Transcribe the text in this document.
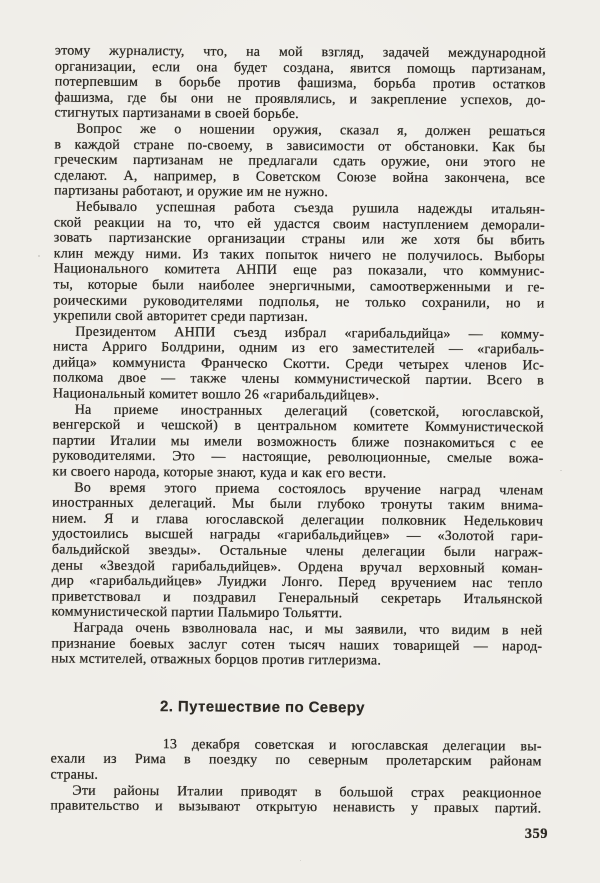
этому журналисту, что, на мой взгляд, задачей международной
организации, если она будет создана, явится помощь партизанам,
потерпевшим в борьбе против фашизма, борьба против остатков
фашизма, где бы они не проявлялись, и закрепление успехов, до-
стигнутых партизанами в своей борьбе.
Вопрос же о ношении оружия, сказал я, должен решаться
в каждой стране по-своему, в зависимости от обстановки. Как бы
греческим партизанам не предлагали сдать оружие, они этого не
сделают. А, например, в Советском Союзе война закончена, все
партизаны работают, и оружие им не нужно.
Небывало успешная работа съезда рушила надежды итальян-
ской реакции на то, что ей удастся своим наступлением деморали-
зовать партизанские организации страны или же хотя бы вбить
клин между ними. Из таких попыток ничего не получилось. Выборы
Национального комитета АНПИ еще раз показали, что коммунис-
ты, которые были наиболее энергичными, самоотверженными и ге-
роическими руководителями подполья, не только сохранили, но и
укрепили свой авторитет среди партизан.
Президентом АНПИ съезд избрал «гарибальдийца» — комму-
ниста Арриго Болдрини, одним из его заместителей — «гарибаль-
дийца» коммуниста Франческо Скотти. Среди четырех членов Ис-
полкома двое — также члены коммунистической партии. Всего в
Национальный комитет вошло 26 «гарибальдийцев».
На приеме иностранных делегаций (советской, югославской,
венгерской и чешской) в центральном комитете Коммунистической
партии Италии мы имели возможность ближе познакомиться с ее
руководителями. Это — настоящие, революционные, смелые вожа-
ки своего народа, которые знают, куда и как его вести.
Во время этого приема состоялось вручение наград членам
иностранных делегаций. Мы были глубоко тронуты таким внима-
нием. Я и глава югославской делегации полковник Неделькович
удостоились высшей награды «гарибальдийцев» — «Золотой гари-
бальдийской звезды». Остальные члены делегации были награж-
дены «Звездой гарибальдийцев». Ордена вручал верховный коман-
дир «гарибальдийцев» Луиджи Лонго. Перед вручением нас тепло
приветствовал и поздравил Генеральный секретарь Итальянской
коммунистической партии Пальмиро Тольятти.
Награда очень взволновала нас, и мы заявили, что видим в ней
признание боевых заслуг сотен тысяч наших товарищей — народ-
ных мстителей, отважных борцов против гитлеризма.
2. Путешествие по Северу
13 декабря советская и югославская делегации вы-
ехали из Рима в поездку по северным пролетарским районам
страны.
Эти районы Италии приводят в большой страх реакционное
правительство и вызывают открытую ненависть у правых партий.
359
